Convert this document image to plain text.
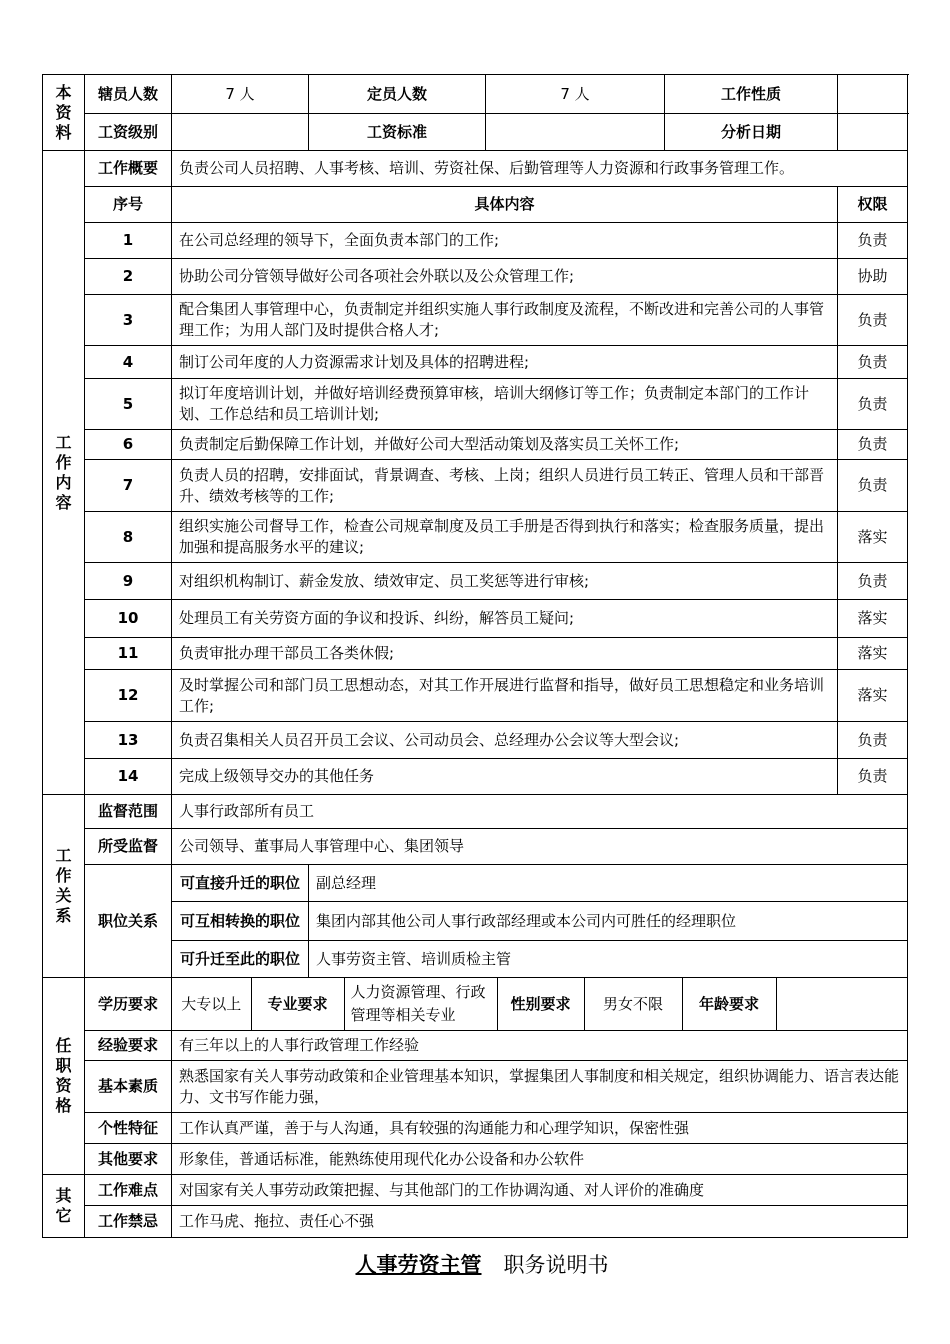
本资料
	辖员人数	7 人	定员人数	7 人	工作性质	
工资级别		工资标准		分析日期	

工作内容
	工作概要	负责公司人员招聘、人事考核、培训、劳资社保、后勤管理等人力资源和行政事务管理工作。
序号	具体内容	权限
1	在公司总经理的领导下，全面负责本部门的工作;	负责
2	协助公司分管领导做好公司各项社会外联以及公众管理工作;	协助
3	配合集团人事管理中心，负责制定并组织实施人事行政制度及流程，不断改进和完善公司的人事管理工作；为用人部门及时提供合格人才;	负责
4	制订公司年度的人力资源需求计划及具体的招聘进程;	负责
5	拟订年度培训计划，并做好培训经费预算审核，培训大纲修订等工作；负责制定本部门的工作计划、工作总结和员工培训计划;	负责
6	负责制定后勤保障工作计划，并做好公司大型活动策划及落实员工关怀工作;	负责
7	负责人员的招聘，安排面试，背景调查、考核、上岗；组织人员进行员工转正、管理人员和干部晋升、绩效考核等的工作;	负责
8	组织实施公司督导工作，检查公司规章制度及员工手册是否得到执行和落实；检查服务质量，提出加强和提高服务水平的建议;	落实
9	对组织机构制订、薪金发放、绩效审定、员工奖惩等进行审核;	负责
10	处理员工有关劳资方面的争议和投诉、纠纷，解答员工疑问;	落实
11	负责审批办理干部员工各类休假;	落实
12	及时掌握公司和部门员工思想动态，对其工作开展进行监督和指导，做好员工思想稳定和业务培训工作;	落实
13	负责召集相关人员召开员工会议、公司动员会、总经理办公会议等大型会议;	负责
14	完成上级领导交办的其他任务	负责

工作关系
	监督范围	人事行政部所有员工
所受监督	公司领导、董事局人事管理中心、集团领导
职位关系	可直接升迁的职位	副总经理
可互相转换的职位	集团内部其他公司人事行政部经理或本公司内可胜任的经理职位
可升迁至此的职位	人事劳资主管、培训质检主管

任职资格
	学历要求	大专以上	专业要求	人力资源管理、行政管理等相关专业	性别要求	男女不限	年龄要求	

经验要求	有三年以上的人事行政管理工作经验
基本素质	熟悉国家有关人事劳动政策和企业管理基本知识，掌握集团人事制度和相关规定，组织协调能力、语言表达能力、文书写作能力强，
个性特征	工作认真严谨，善于与人沟通，具有较强的沟通能力和心理学知识，保密性强
其他要求	形象佳，普通话标准，能熟练使用现代化办公设备和办公软件

其它
	工作难点	对国家有关人事劳动政策把握、与其他部门的工作协调沟通、对人评价的准确度
工作禁忌	工作马虎、拖拉、责任心不强
人事劳资主管 职务说明书
